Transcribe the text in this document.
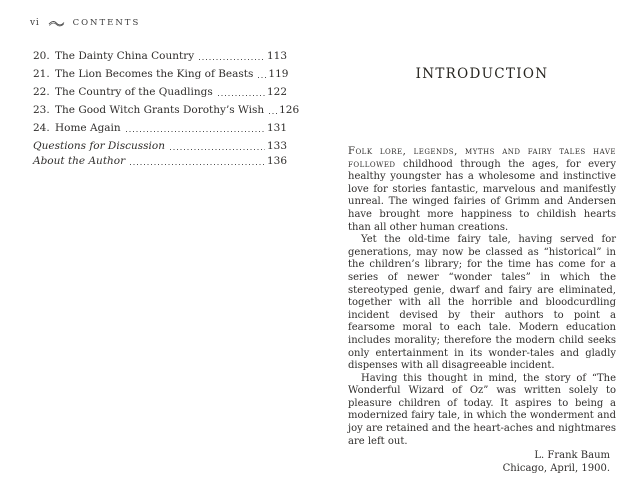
vi	CONTENTS
20. The Dainty China Country	113
21. The Lion Becomes the King of Beasts 119
22. The Country of the Quadlings	122
23. The Good Witch Grants Dorothy’s Wish 126
24. Home Again	131
Questions for Discussion	133
About the Author	136
INTRODUCTION

Folk lore, legends, myths and fairy tales have followed childhood through the ages, for every healthy youngster has a wholesome and instinctive love for stories fantastic, marvelous and manifestly unreal. The winged fairies of Grimm and Andersen have brought more happiness to childish hearts than all other human creations.

Yet the old-time fairy tale, having served for generations, may now be classed as “historical” in the children’s library; for the time has come for a series of newer “wonder tales” in which the stereotyped genie, dwarf and fairy are eliminated, together with all the horrible and bloodcurdling incident devised by their authors to point a fearsome moral to each tale. Modern education includes morality; therefore the modern child seeks only entertainment in its wonder-tales and gladly dispenses with all disagreeable incident.

Having this thought in mind, the story of “The Wonderful Wizard of Oz” was written solely to pleasure children of today. It aspires to being a modernized fairy tale, in which the wonderment and joy are retained and the heart-aches and nightmares are left out.

L. Frank Baum
Chicago, April, 1900.
